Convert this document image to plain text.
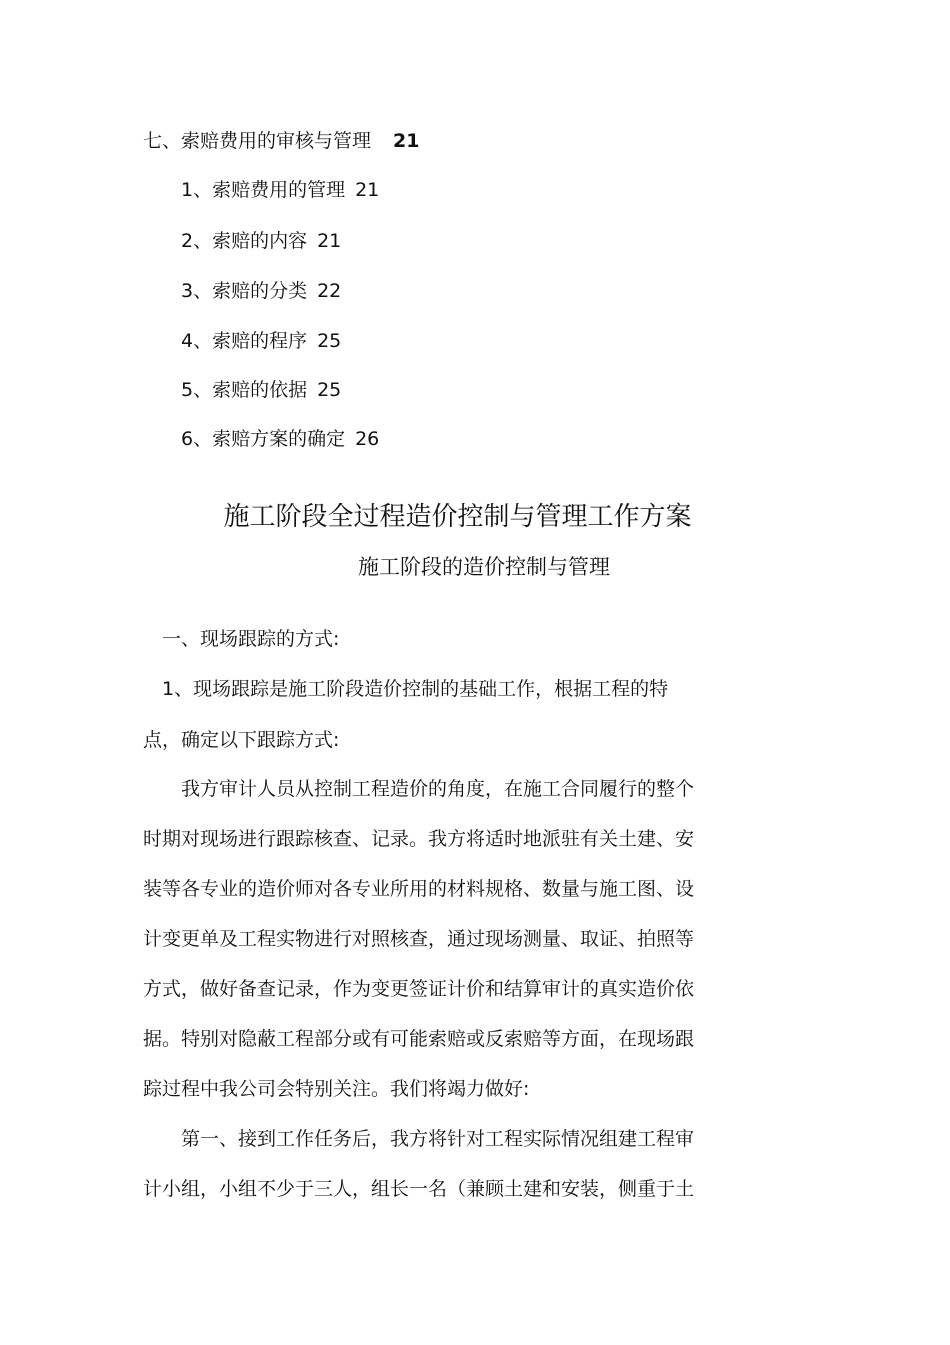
七、索赔费用的审核与管理 21
1、索赔费用的管理 21
2、索赔的内容 21
3、索赔的分类 22
4、索赔的程序 25
5、索赔的依据 25
6、索赔方案的确定 26
施工阶段全过程造价控制与管理工作方案
施工阶段的造价控制与管理
　一、现场跟踪的方式:
　1、现场跟踪是施工阶段造价控制的基础工作，根据工程的特
点，确定以下跟踪方式:
　　我方审计人员从控制工程造价的角度，在施工合同履行的整个
时期对现场进行跟踪核查、记录。我方将适时地派驻有关土建、安
装等各专业的造价师对各专业所用的材料规格、数量与施工图、设
计变更单及工程实物进行对照核查，通过现场测量、取证、拍照等
方式，做好备查记录，作为变更签证计价和结算审计的真实造价依
据。特别对隐蔽工程部分或有可能索赔或反索赔等方面，在现场跟
踪过程中我公司会特别关注。我们将竭力做好:
　　第一、接到工作任务后，我方将针对工程实际情况组建工程审
计小组，小组不少于三人，组长一名（兼顾土建和安装，侧重于土
